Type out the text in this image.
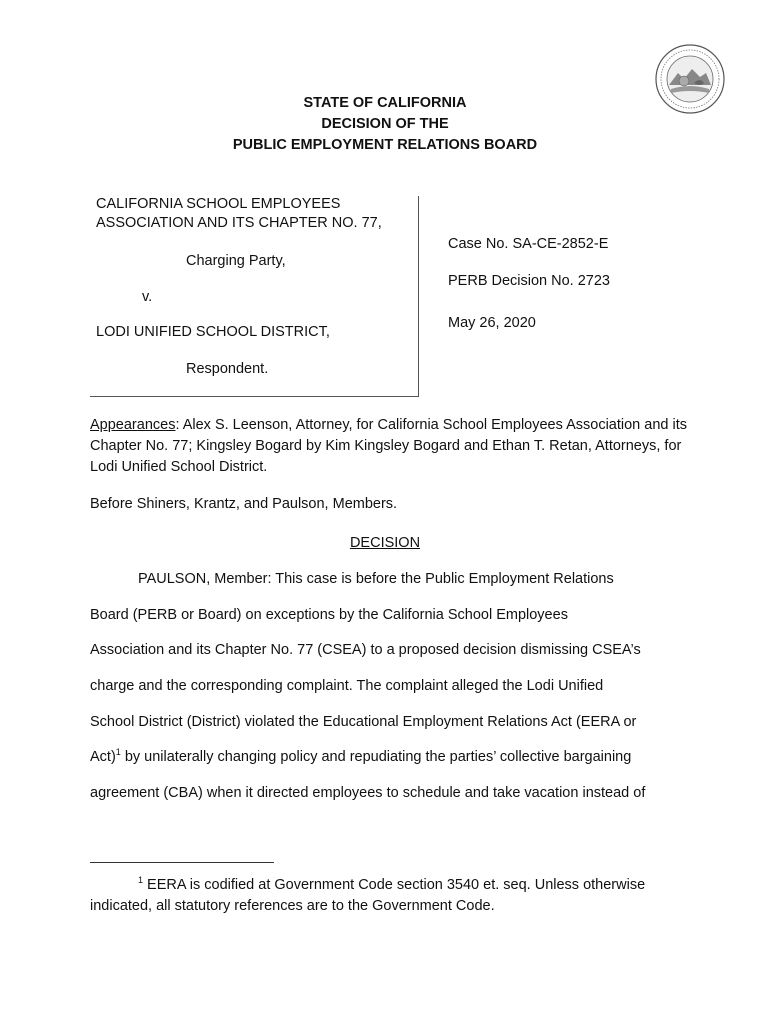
STATE OF CALIFORNIA
DECISION OF THE
PUBLIC EMPLOYMENT RELATIONS BOARD
CALIFORNIA SCHOOL EMPLOYEES
ASSOCIATION AND ITS CHAPTER NO. 77,
Charging Party,
v.
LODI UNIFIED SCHOOL DISTRICT,
Respondent.
Case No. SA-CE-2852-E
PERB Decision No. 2723
May 26, 2020
Appearances: Alex S. Leenson, Attorney, for California School Employees Association and its Chapter No. 77; Kingsley Bogard by Kim Kingsley Bogard and Ethan T. Retan, Attorneys, for Lodi Unified School District.
Before Shiners, Krantz, and Paulson, Members.
DECISION
PAULSON, Member: This case is before the Public Employment Relations
Board (PERB or Board) on exceptions by the California School Employees
Association and its Chapter No. 77 (CSEA) to a proposed decision dismissing CSEA’s
charge and the corresponding complaint. The complaint alleged the Lodi Unified
School District (District) violated the Educational Employment Relations Act (EERA or
Act)$^1$ by unilaterally changing policy and repudiating the parties’ collective bargaining
agreement (CBA) when it directed employees to schedule and take vacation instead of
$^1$ EERA is codified at Government Code section 3540 et. seq. Unless otherwise
indicated, all statutory references are to the Government Code.
